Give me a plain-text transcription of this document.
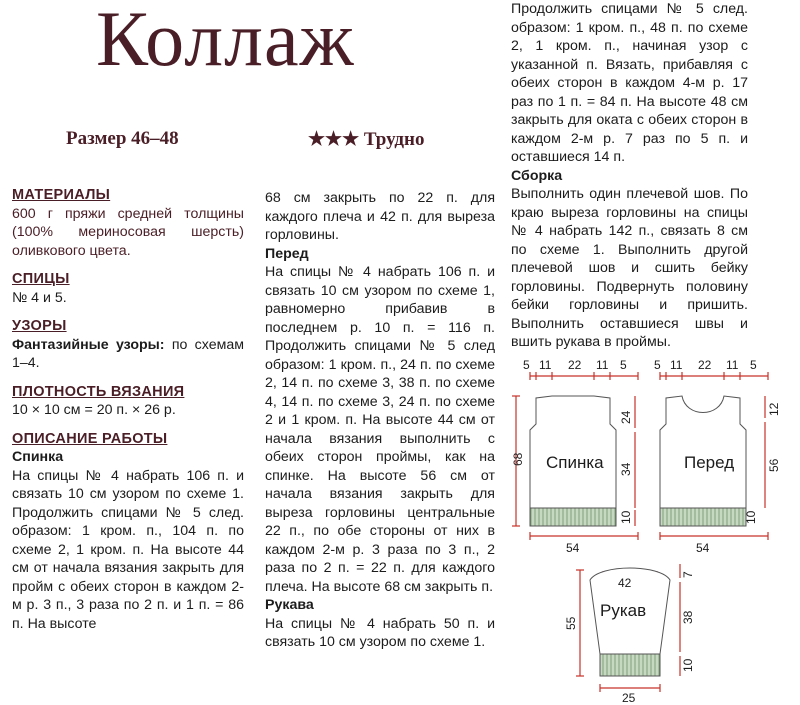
Коллаж
Размер 46–48	★★★ Трудно
МАТЕРИАЛЫ

600 г пряжи средней толщины (100% мериносовая шерсть) оливкового цвета.

СПИЦЫ

№ 4 и 5.

УЗОРЫ

Фантазийные узоры: по схемам 1–4.

ПЛОТНОСТЬ ВЯЗАНИЯ

10 × 10 см = 20 п. × 26 р.

ОПИСАНИЕ РАБОТЫ
Спинка

На спицы № 4 набрать 106 п. и связать 10 см узором по схеме 1. Продолжить спицами № 5 след. образом: 1 кром. п., 104 п. по схеме 2, 1 кром. п. На высоте 44 см от начала вязания закрыть для пройм с обеих сторон в каждом 2-м р. 3 п., 3 раза по 2 п. и 1 п. = 86 п. На высоте

68 см закрыть по 22 п. для каждого плеча и 42 п. для выреза горловины.

Перед

На спицы № 4 набрать 106 п. и связать 10 см узором по схеме 1, равномерно прибавив в последнем р. 10 п. = 116 п. Продолжить спицами № 5 след образом: 1 кром. п., 24 п. по схеме 2, 14 п. по схеме 3, 38 п. по схеме 4, 14 п. по схеме 3, 24 п. по схеме 2 и 1 кром. п. На высоте 44 см от начала вязания выполнить с обеих сторон проймы, как на спинке. На высоте 56 см от начала вязания закрыть для выреза горловины центральные 22 п., по обе стороны от них в каждом 2-м р. 3 раза по 3 п., 2 раза по 2 п. = 22 п. для каждого плеча. На высоте 68 см закрыть п.

Рукава

На спицы № 4 набрать 50 п. и связать 10 см узором по схеме 1.

Продолжить спицами № 5 след. образом: 1 кром. п., 48 п. по схеме 2, 1 кром. п., начиная узор с указанной п. Вязать, прибавляя с обеих сторон в каждом 4-м р. 17 раз по 1 п. = 84 п. На высоте 48 см закрыть для оката с обеих сторон в каждом 2-м р. 7 раз по 5 п. и оставшиеся 14 п.

Сборка

Выполнить один плечевой шов. По краю выреза горловины на спицы № 4 набрать 142 п., связать 8 см по схеме 1. Выполнить другой плечевой шов и сшить бейку горловины. Подвернуть половину бейки горловины и пришить. Выполнить оставшиеся швы и вшить рукава в проймы.

5 11 22 11 5
Спинка
54
68
24
34
10
5 11 22 11 5
Перед
54
12
56
10
42
Рукав
25
55
7
38
10
